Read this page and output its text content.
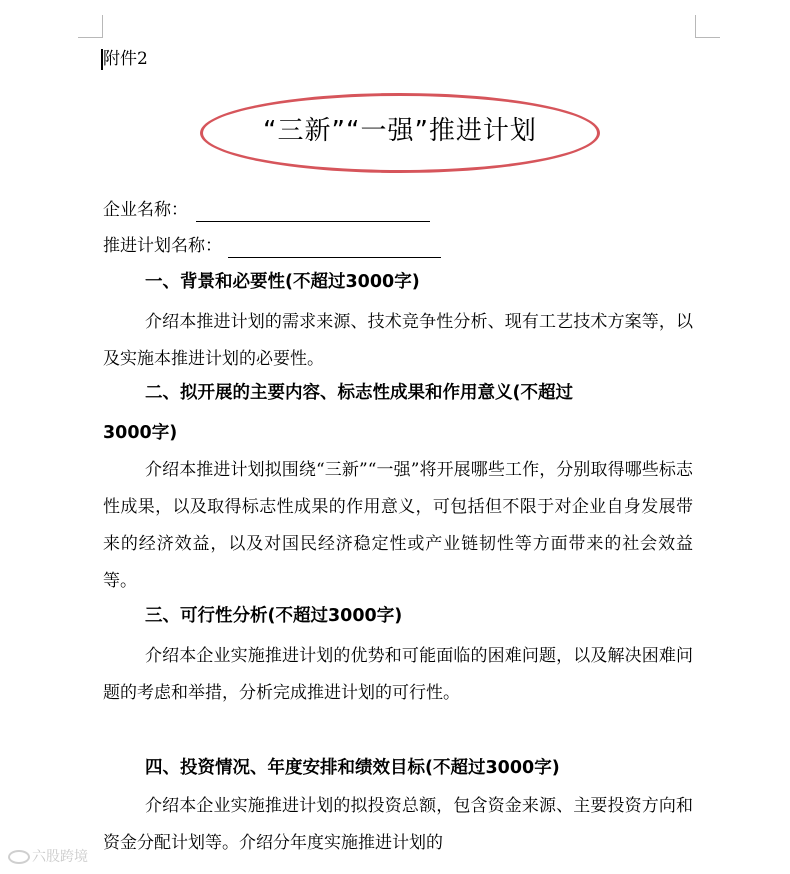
附件2
“三新”“一强”推进计划
企业名称：
推进计划名称：
一、背景和必要性(不超过3000字)

介绍本推进计划的需求来源、技术竞争性分析、现有工艺技术方案等，以及实施本推进计划的必要性。

二、拟开展的主要内容、标志性成果和作用意义(不超过
3000字)

介绍本推进计划拟围绕“三新”“一强”将开展哪些工作，分别取得哪些标志性成果，以及取得标志性成果的作用意义，可包括但不限于对企业自身发展带来的经济效益，以及对国民经济稳定性或产业链韧性等方面带来的社会效益等。

三、可行性分析(不超过3000字)

介绍本企业实施推进计划的优势和可能面临的困难问题，以及解决困难问题的考虑和举措，分析完成推进计划的可行性。

四、投资情况、年度安排和绩效目标(不超过3000字)

介绍本企业实施推进计划的拟投资总额，包含资金来源、主要投资方向和资金分配计划等。介绍分年度实施推进计划的

六股跨境
